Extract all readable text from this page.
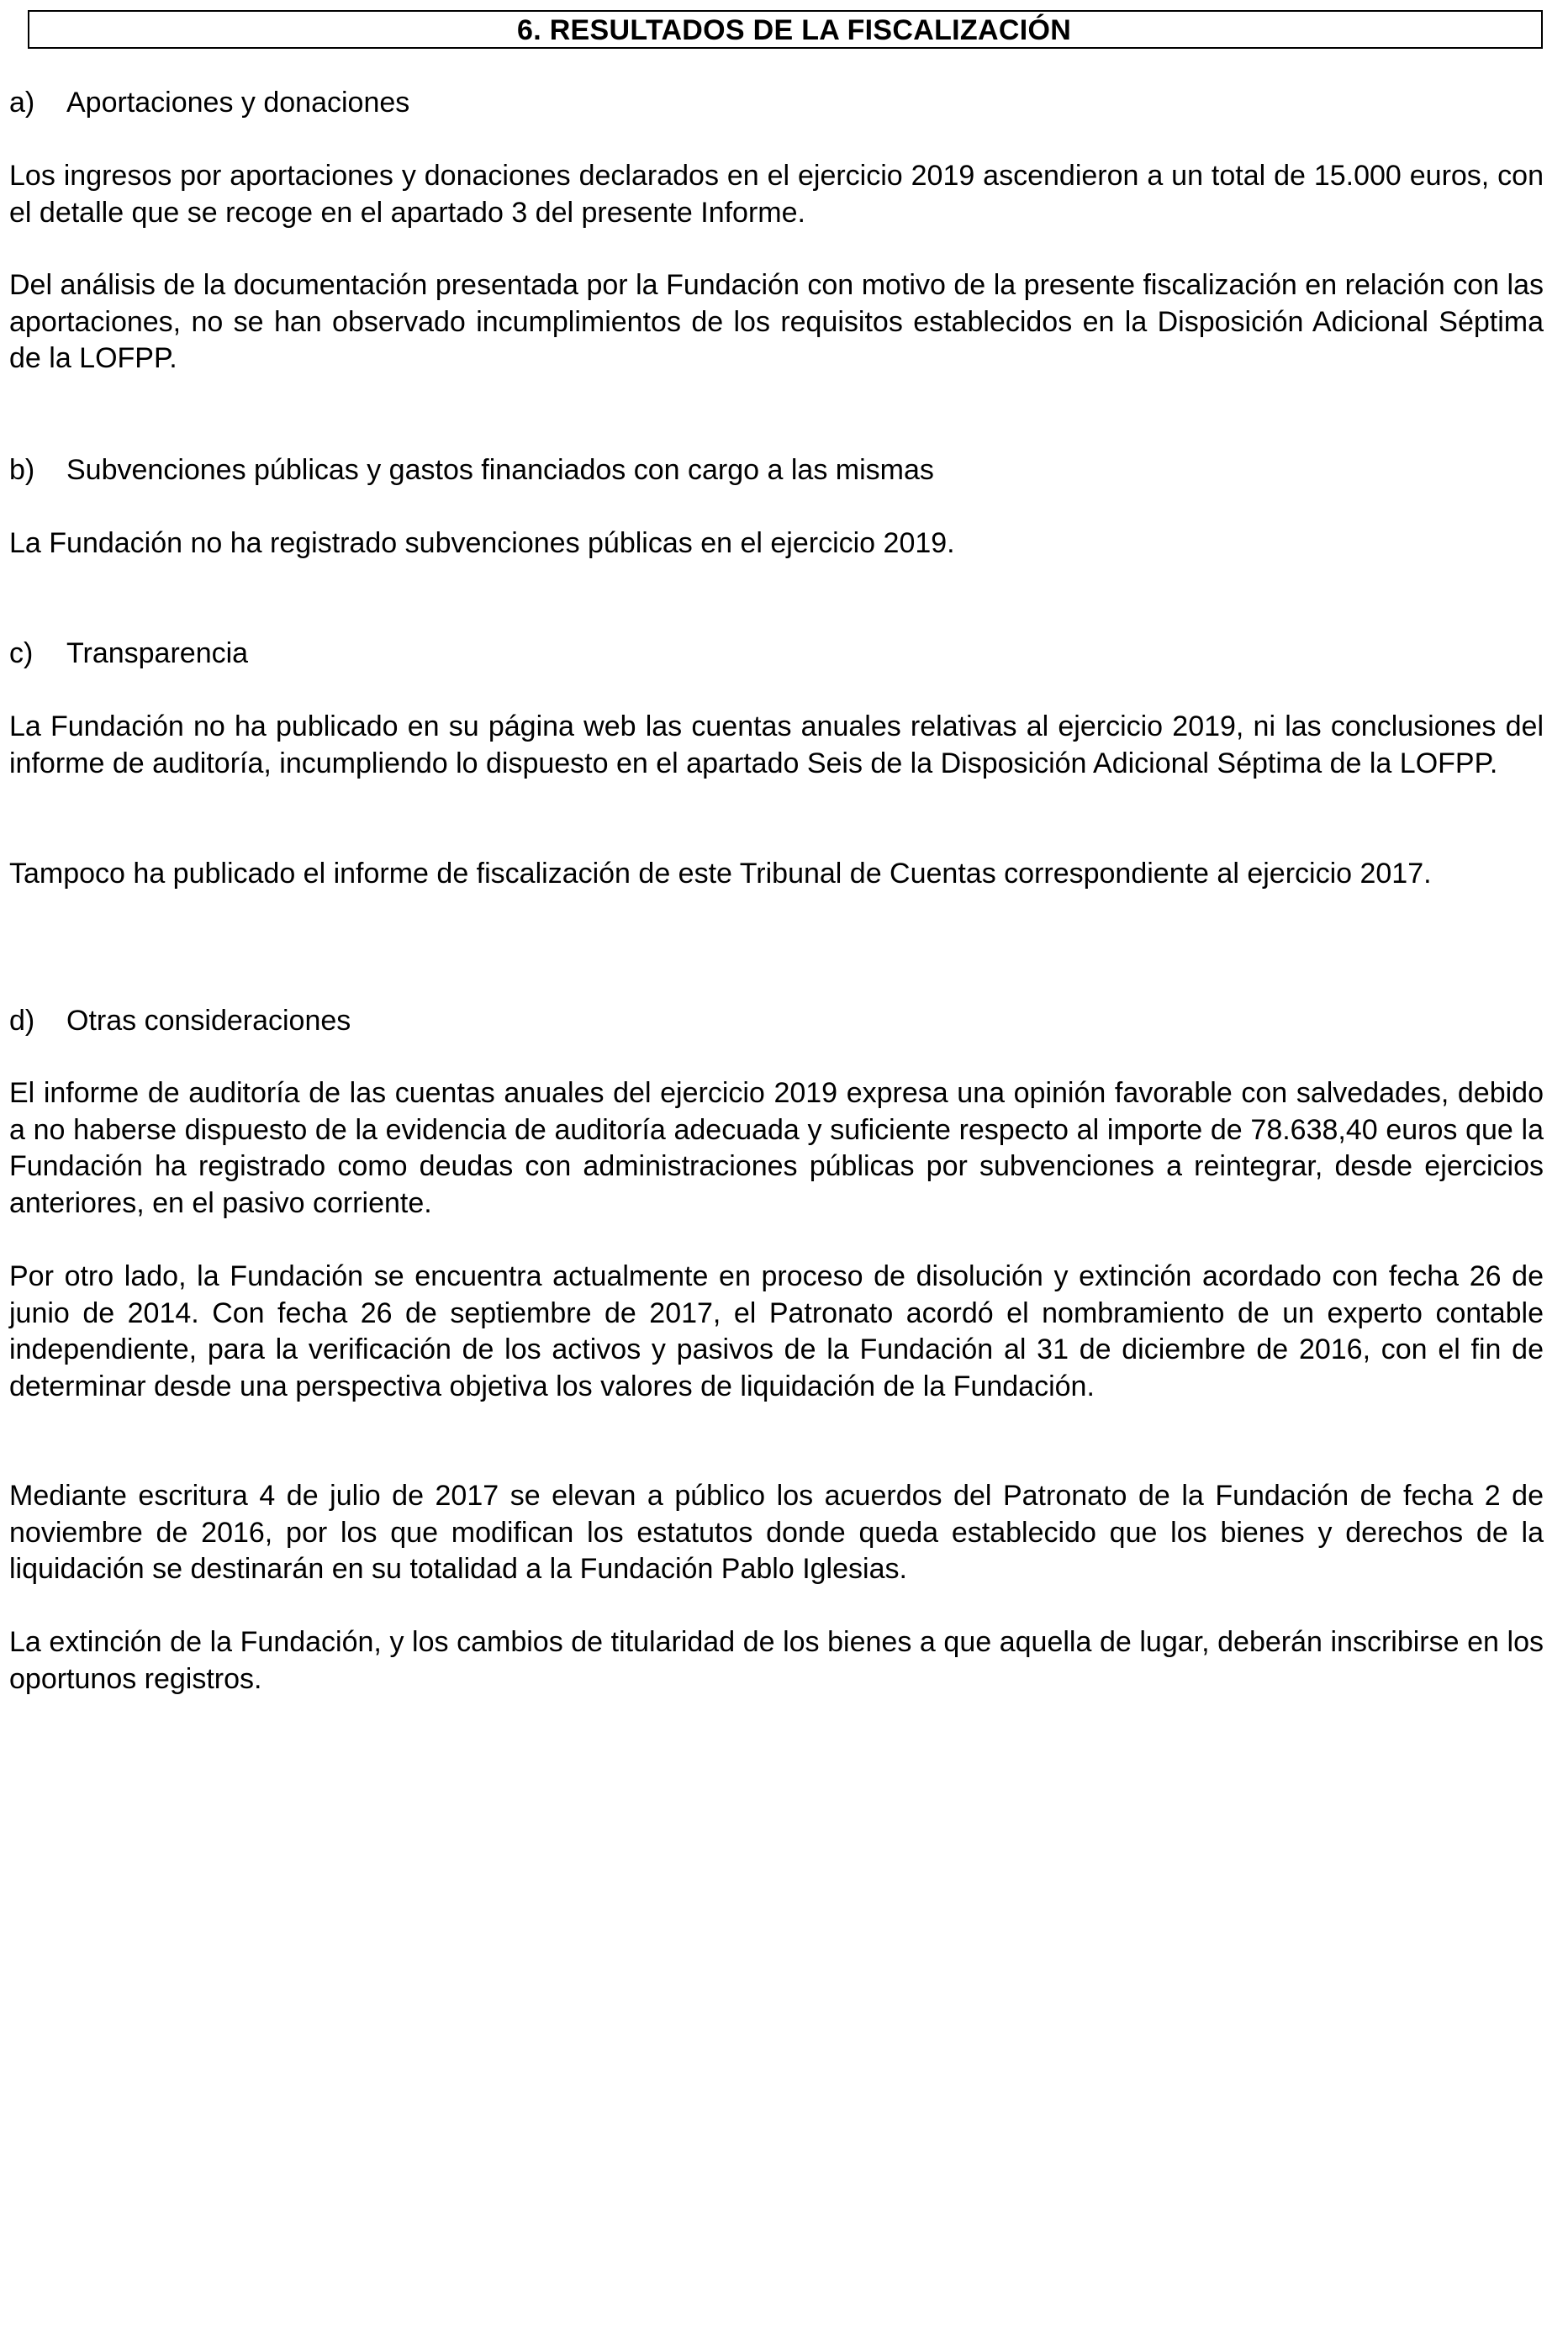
6. RESULTADOS DE LA FISCALIZACIÓN
a) Aportaciones y donaciones

Los ingresos por aportaciones y donaciones declarados en el ejercicio 2019 ascendieron a un total de 15.000 euros, con el detalle que se recoge en el apartado 3 del presente Informe.

Del análisis de la documentación presentada por la Fundación con motivo de la presente fiscalización en relación con las aportaciones, no se han observado incumplimientos de los requisitos establecidos en la Disposición Adicional Séptima de la LOFPP.

b) Subvenciones públicas y gastos financiados con cargo a las mismas

La Fundación no ha registrado subvenciones públicas en el ejercicio 2019.

c) Transparencia

La Fundación no ha publicado en su página web las cuentas anuales relativas al ejercicio 2019, ni las conclusiones del informe de auditoría, incumpliendo lo dispuesto en el apartado Seis de la Disposición Adicional Séptima de la LOFPP.

Tampoco ha publicado el informe de fiscalización de este Tribunal de Cuentas correspondiente al ejercicio 2017.

d) Otras consideraciones

El informe de auditoría de las cuentas anuales del ejercicio 2019 expresa una opinión favorable con salvedades, debido a no haberse dispuesto de la evidencia de auditoría adecuada y suficiente respecto al importe de 78.638,40 euros que la Fundación ha registrado como deudas con administraciones públicas por subvenciones a reintegrar, desde ejercicios anteriores, en el pasivo corriente.

Por otro lado, la Fundación se encuentra actualmente en proceso de disolución y extinción acordado con fecha 26 de junio de 2014. Con fecha 26 de septiembre de 2017, el Patronato acordó el nombramiento de un experto contable independiente, para la verificación de los activos y pasivos de la Fundación al 31 de diciembre de 2016, con el fin de determinar desde una perspectiva objetiva los valores de liquidación de la Fundación.

Mediante escritura 4 de julio de 2017 se elevan a público los acuerdos del Patronato de la Fundación de fecha 2 de noviembre de 2016, por los que modifican los estatutos donde queda establecido que los bienes y derechos de la liquidación se destinarán en su totalidad a la Fundación Pablo Iglesias.

La extinción de la Fundación, y los cambios de titularidad de los bienes a que aquella de lugar, deberán inscribirse en los oportunos registros.
